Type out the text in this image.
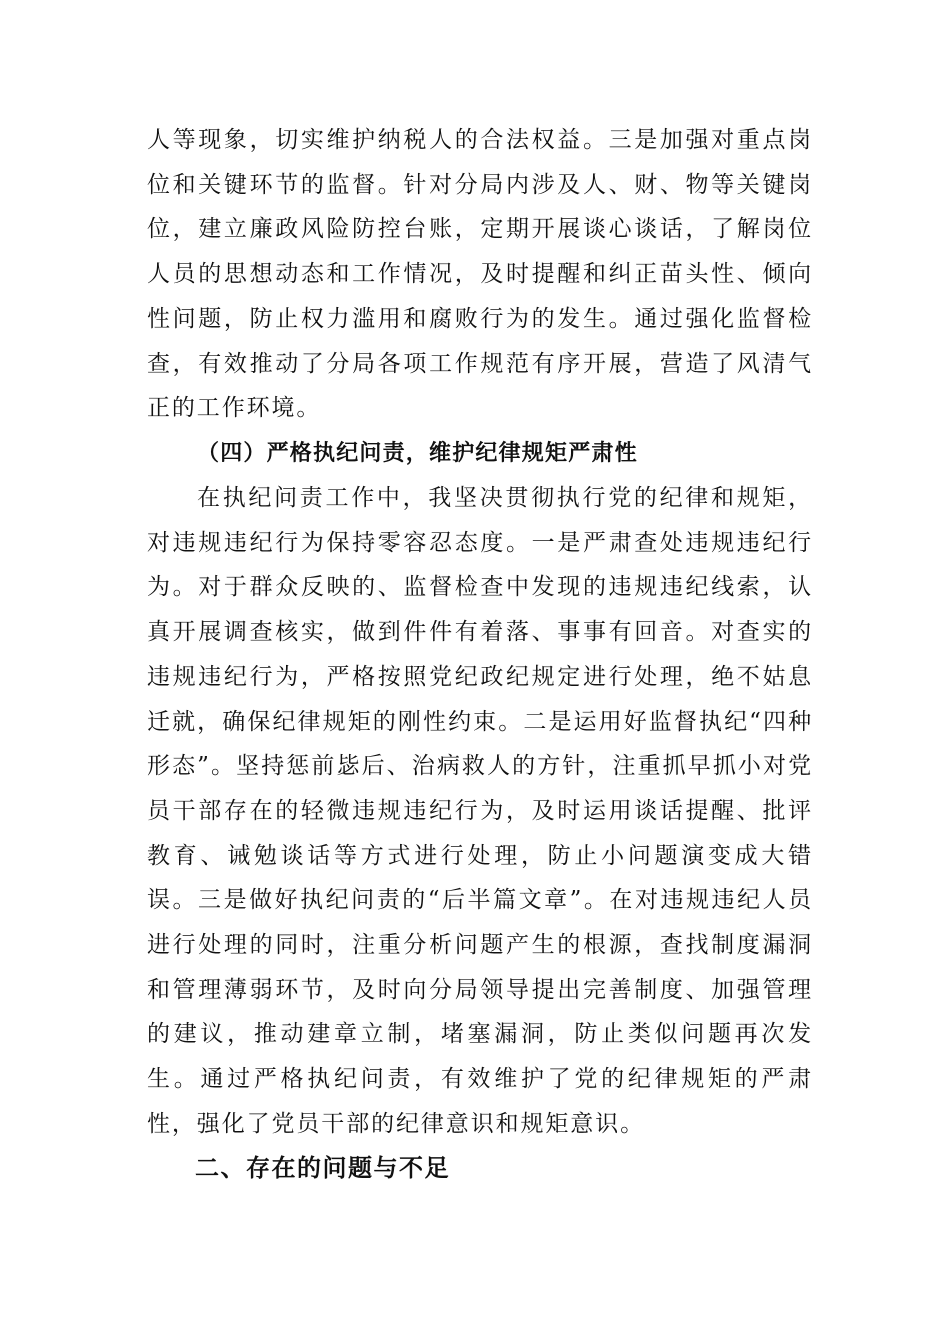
人等现象，切实维护纳税人的合法权益。三是加强对重点岗位和关键环节的监督。针对分局内涉及人、财、物等关键岗位，建立廉政风险防控台账，定期开展谈心谈话，了解岗位人员的思想动态和工作情况，及时提醒和纠正苗头性、倾向性问题，防止权力滥用和腐败行为的发生。通过强化监督检查，有效推动了分局各项工作规范有序开展，营造了风清气正的工作环境。

（四）严格执纪问责，维护纪律规矩严肃性

在执纪问责工作中，我坚决贯彻执行党的纪律和规矩，对违规违纪行为保持零容忍态度。一是严肃查处违规违纪行为。对于群众反映的、监督检查中发现的违规违纪线索，认真开展调查核实，做到件件有着落、事事有回音。对查实的违规违纪行为，严格按照党纪政纪规定进行处理，绝不姑息迁就，确保纪律规矩的刚性约束。二是运用好监督执纪“四种形态”。坚持惩前毖后、治病救人的方针，注重抓早抓小对党员干部存在的轻微违规违纪行为，及时运用谈话提醒、批评教育、诫勉谈话等方式进行处理，防止小问题演变成大错误。三是做好执纪问责的“后半篇文章”。在对违规违纪人员进行处理的同时，注重分析问题产生的根源，查找制度漏洞和管理薄弱环节，及时向分局领导提出完善制度、加强管理的建议，推动建章立制，堵塞漏洞，防止类似问题再次发生。通过严格执纪问责，有效维护了党的纪律规矩的严肃性，强化了党员干部的纪律意识和规矩意识。

二、存在的问题与不足
